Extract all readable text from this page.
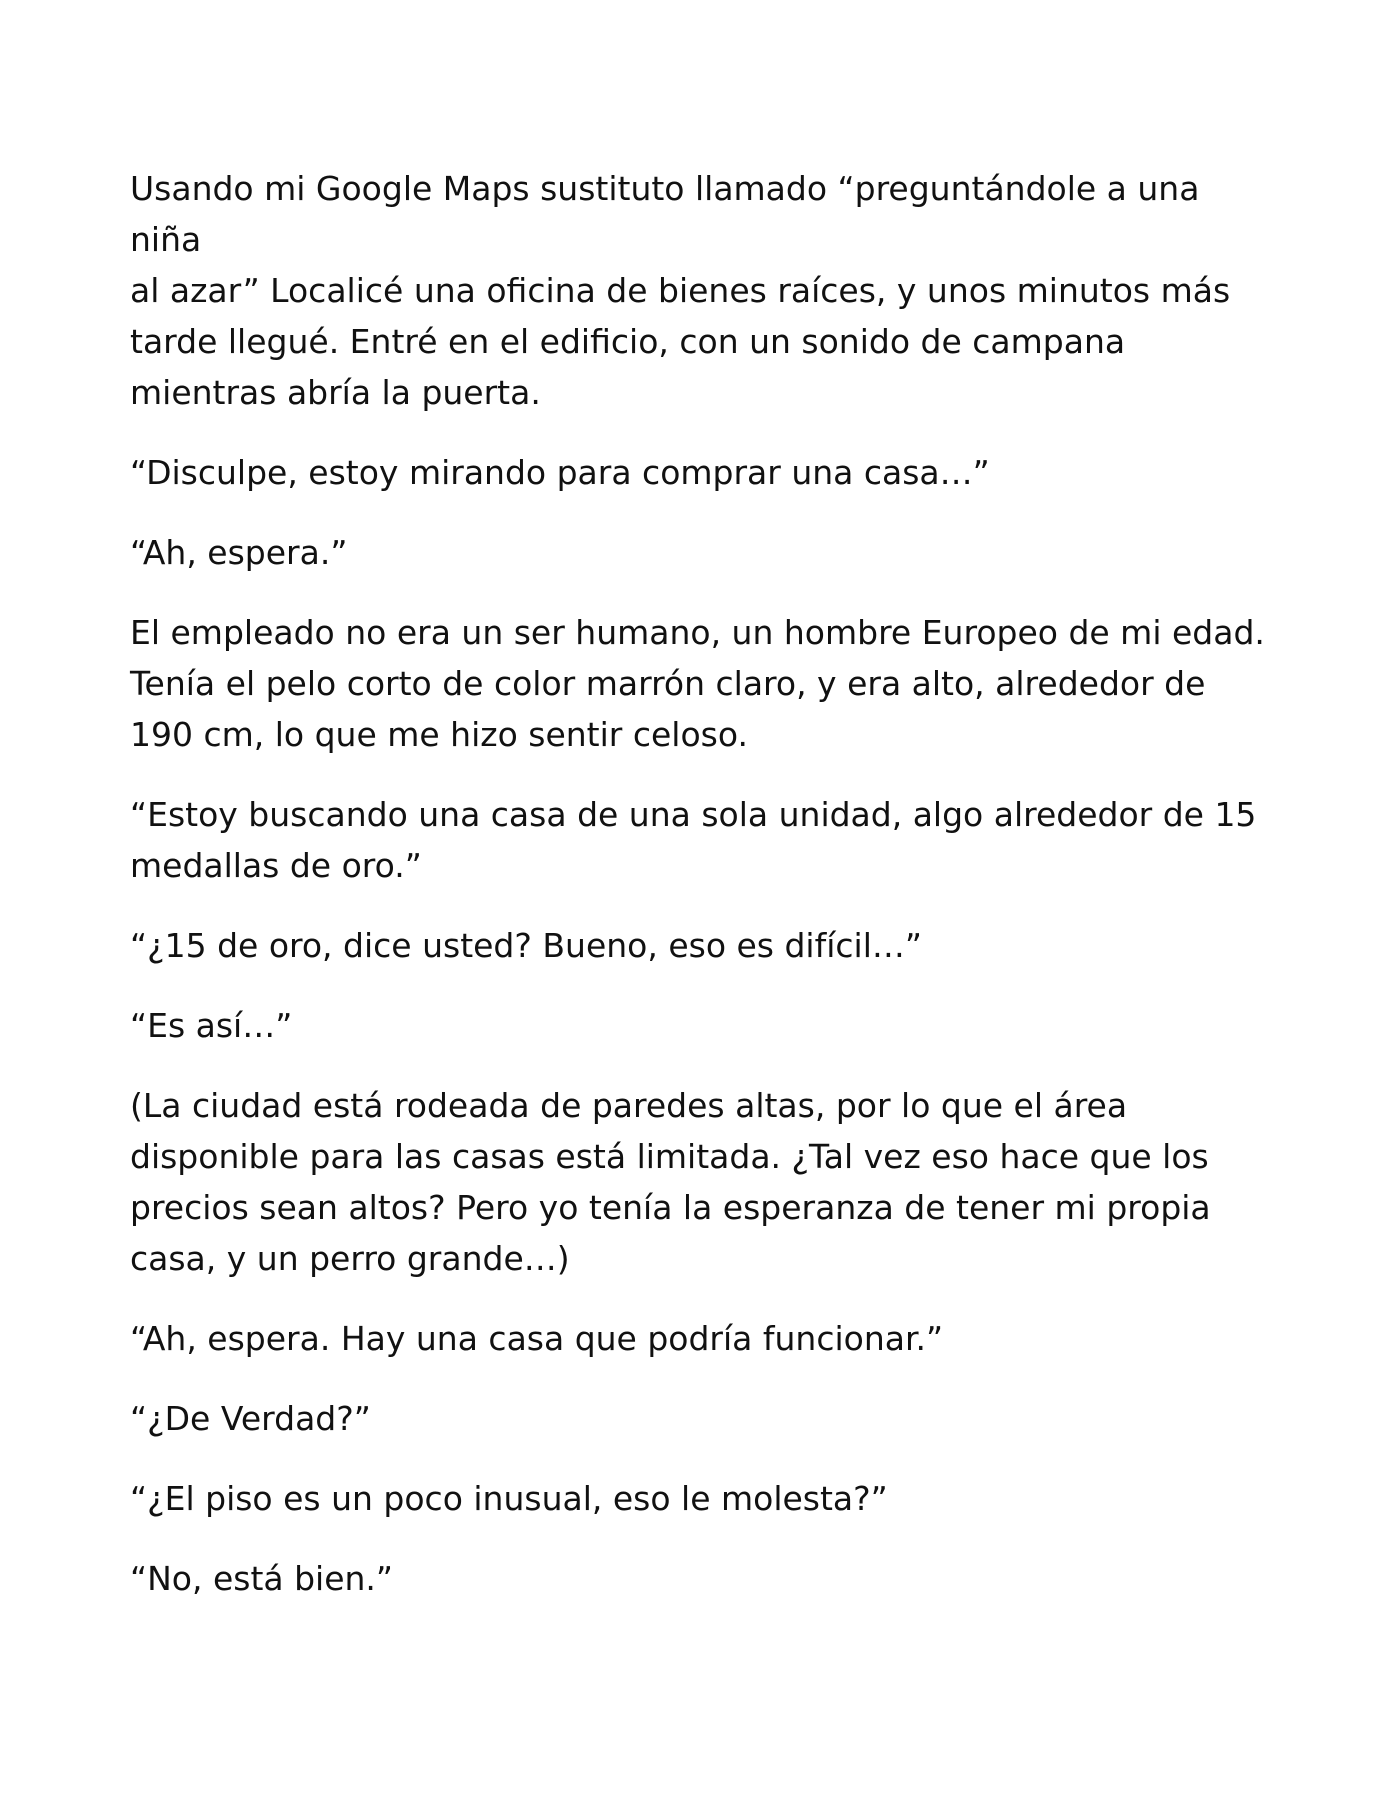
Usando mi Google Maps sustituto llamado “preguntándole a una niña
al azar” Localicé una oficina de bienes raíces, y unos minutos más
tarde llegué. Entré en el edificio, con un sonido de campana
mientras abría la puerta.

“Disculpe, estoy mirando para comprar una casa…”

“Ah, espera.”

El empleado no era un ser humano, un hombre Europeo de mi edad.
Tenía el pelo corto de color marrón claro, y era alto, alrededor de
190 cm, lo que me hizo sentir celoso.

“Estoy buscando una casa de una sola unidad, algo alrededor de 15
medallas de oro.”

“¿15 de oro, dice usted? Bueno, eso es difícil…”

“Es así…”

(La ciudad está rodeada de paredes altas, por lo que el área
disponible para las casas está limitada. ¿Tal vez eso hace que los
precios sean altos? Pero yo tenía la esperanza de tener mi propia
casa, y un perro grande…)

“Ah, espera. Hay una casa que podría funcionar.”

“¿De Verdad?”

“¿El piso es un poco inusual, eso le molesta?”

“No, está bien.”
